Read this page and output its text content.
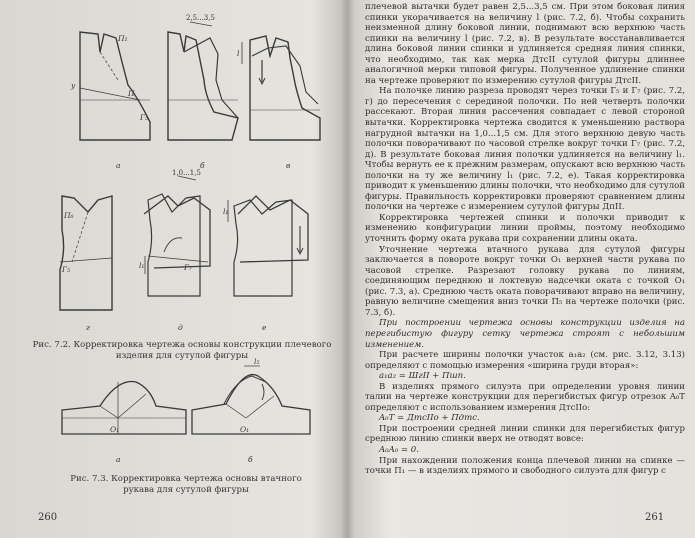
П₁
у
П
Г₅
2,5...3,5
l
а	б	в
П₆
Г₅
1,0...1,5
l₁	Г₇
l₁
г	д	е
O₁
а
l₅
O₁
б
Рис. 7.2. Корректировка чертежа основы конструкции плечевого изделия для сутулой фигуры
Рис. 7.3. Корректировка чертежа основы втачного рукава для сутулой фигуры
260

плечевой вытачки будет равен 2,5...3,5 см. При этом боковая линия спинки укорачивается на величину l (рис. 7.2, б). Чтобы сохранить неизменной длину боковой линии, поднимают всю верхнюю часть спинки на величину l (рис. 7.2, в). В результате восстанавливается длина боковой линии спинки и удлиняется средняя линия спинки, что необходимо, так как мерка ДтсII сутулой фигуры длиннее аналогичной мерки типовой фигуры. Полученное удлинение спинки на чертеже проверяют по измерению сутулой фигуры ДтсII.

На полочке линию разреза проводят через точки Г₅ и Г₇ (рис. 7.2, г) до пересечения с серединой полочки. По ней четверть полочки рассекают. Вторая линия рассечения совпадает с левой стороной вытачки. Корректировка чертежа сводится к уменьшению раствора нагрудной вытачки на 1,0...1,5 см. Для этого верхнюю девую часть полочки поворачивают по часовой стрелке вокруг точки Г₇ (рис. 7.2, д). В результате боковая линия полочки удлиняется на величину l₁. Чтобы вернуть ее к прежним размерам, опускают всю верхнюю часть полочки на ту же величину l₁ (рис. 7.2, е). Такая корректировка приводит к уменьшению длины полочки, что необходимо для сутулой фигуры. Правильность корректировки проверяют сравнением длины полочки на чертеже с измерением сутулой фигуры ДпII.

Корректировка чертежей спинки и полочки приводит к изменению конфигурации линии проймы, поэтому необходимо уточнить форму оката рукава при сохранении длины оката.

Уточнение чертежа втачного рукава для сутулой фигуры заключается в повороте вокруг точки O₁ верхней части рукава по часовой стрелке. Разрезают головку рукава по линиям, соединяющим переднюю и локтевую надсечки оката с точкой O₁ (рис. 7.3, а). Среднюю часть оката поворачивают вправо на величину, равную величине смещения вниз точки П₅ на чертеже полочки (рис. 7.3, б).

При построении чертежа основы конструкции изделия на перегибистую фигуру сетку чертежа строят с небольшим изменением.

При расчете ширины полочки участок a₁a₂ (см. рис. 3.12, 3.13) определяют с помощью измерения «ширина груди вторая»:

a₁a₂ = ШгII + Пшп.

В изделиях прямого силуэта при определении уровня линии талии на чертеже конструкции для перегибистых фигур отрезок A₀T определяют с использованием измерения ДтсIIо:

A₀T = ДтсIIо + Пдтс.

При построении средней линии спинки для перегибистых фигур среднюю линию спинки вверх не отводят вовсе:

A₀A₀ = 0.

При нахождении положения конца плечевой линии на спинке — точки П₁ — в изделиях прямого и свободного силуэта для фигур с

261
